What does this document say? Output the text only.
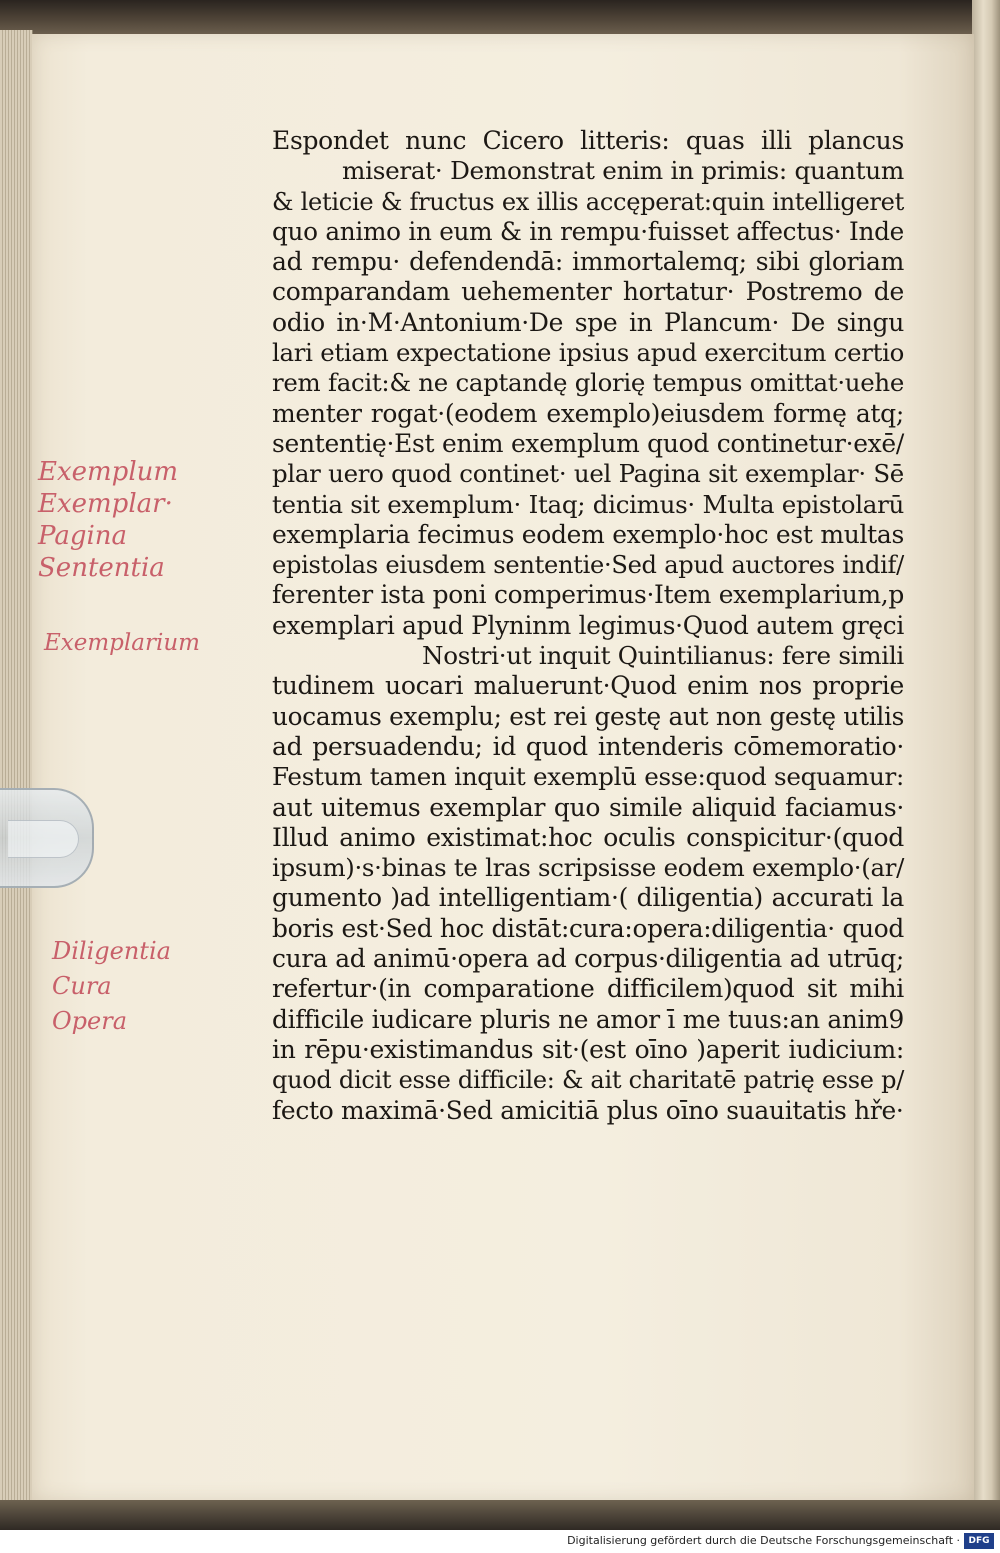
Espondet nunc Cicero litteris: quas illi plancus
miserat· Demonstrat enim in primis: quantum
& leticie & fructus ex illis accęperat:quin intelligeret
quo animo in eum & in rempu·fuisset affectus· Inde
ad rempu· defendendā: immortalemq; sibi gloriam
comparandam uehementer hortatur· Postremo de
odio in·M·Antonium·De spe in Plancum· De singu
lari etiam expectatione ipsius apud exercitum certio
rem facit:& ne captandę glorię tempus omittat·uehe
menter rogat·(eodem exemplo)eiusdem formę atq;
sententię·Est enim exemplum quod continetur·exē/
plar uero quod continet· uel Pagina sit exemplar· Sē
tentia sit exemplum· Itaq; dicimus· Multa epistolarū
exemplaria fecimus eodem exemplo·hoc est multas
epistolas eiusdem sententie·Sed apud auctores indif/
ferenter ista poni comperimus·Item exemplarium,p
exemplari apud Plyninm legimus·Quod autem gręci
Nostri·ut inquit Quintilianus: fere simili
tudinem uocari maluerunt·Quod enim nos proprie
uocamus exemplu; est rei gestę aut non gestę utilis
ad persuadendu; id quod intenderis cōmemoratio·
Festum tamen inquit exemplū esse:quod sequamur:
aut uitemus exemplar quo simile aliquid faciamus·
Illud animo existimat:hoc oculis conspicitur·(quod
ipsum)·s·binas te lras scripsisse eodem exemplo·(ar/
gumento )ad intelligentiam·( diligentia) accurati la
boris est·Sed hoc distāt:cura:opera:diligentia· quod
cura ad animū·opera ad corpus·diligentia ad utrūq;
refertur·(in comparatione difficilem)quod sit mihi
difficile iudicare pluris ne amor ī me tuus:an anim9
in rēpu·existimandus sit·(est oīno )aperit iudicium:
quod dicit esse difficile: & ait charitatē patrię esse p/
fecto maximā·Sed amicitiā plus oīno suauitatis hře·
Exemplum
Exemplar·
Pagina
Sententia
Exemplarium
Diligentia
Cura
Opera
Digitalisierung gefördert durch die Deutsche Forschungsgemeinschaft · DFG
